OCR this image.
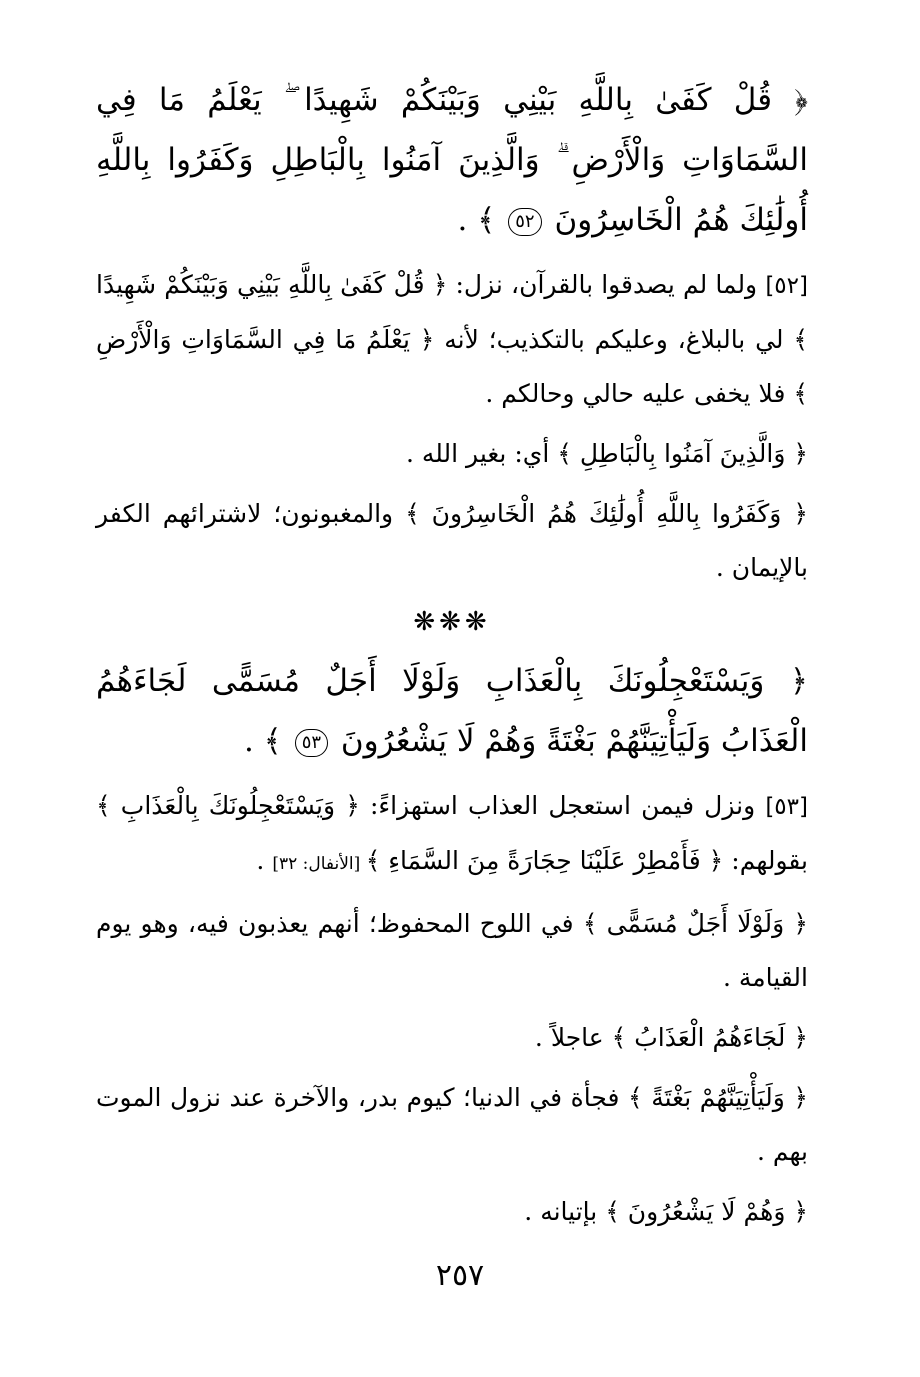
﴿ قُلْ كَفَىٰ بِاللَّهِ بَيْنِي وَبَيْنَكُمْ شَهِيدًا ۖ يَعْلَمُ مَا فِي السَّمَاوَاتِ وَالْأَرْضِ ۗ وَالَّذِينَ آمَنُوا بِالْبَاطِلِ وَكَفَرُوا بِاللَّهِ أُولَٰئِكَ هُمُ الْخَاسِرُونَ ٥٢ ﴾ .
[٥٢] ولما لم يصدقوا بالقرآن، نزل: ﴿ قُلْ كَفَىٰ بِاللَّهِ بَيْنِي وَبَيْنَكُمْ شَهِيدًا ﴾ لي بالبلاغ، وعليكم بالتكذيب؛ لأنه ﴿ يَعْلَمُ مَا فِي السَّمَاوَاتِ وَالْأَرْضِ ﴾ فلا يخفى عليه حالي وحالكم .
﴿ وَالَّذِينَ آمَنُوا بِالْبَاطِلِ ﴾ أي: بغير الله .
﴿ وَكَفَرُوا بِاللَّهِ أُولَٰئِكَ هُمُ الْخَاسِرُونَ ﴾ والمغبونون؛ لاشترائهم الكفر بالإيمان .
❋❋❋
﴿ وَيَسْتَعْجِلُونَكَ بِالْعَذَابِ وَلَوْلَا أَجَلٌ مُسَمًّى لَجَاءَهُمُ الْعَذَابُ وَلَيَأْتِيَنَّهُمْ بَغْتَةً وَهُمْ لَا يَشْعُرُونَ ٥٣ ﴾ .
[٥٣] ونزل فيمن استعجل العذاب استهزاءً: ﴿ وَيَسْتَعْجِلُونَكَ بِالْعَذَابِ ﴾ بقولهم: ﴿ فَأَمْطِرْ عَلَيْنَا حِجَارَةً مِنَ السَّمَاءِ ﴾ [الأنفال: ٣٢] .
﴿ وَلَوْلَا أَجَلٌ مُسَمًّى ﴾ في اللوح المحفوظ؛ أنهم يعذبون فيه، وهو يوم القيامة .
﴿ لَجَاءَهُمُ الْعَذَابُ ﴾ عاجلاً .
﴿ وَلَيَأْتِيَنَّهُمْ بَغْتَةً ﴾ فجأة في الدنيا؛ كيوم بدر، والآخرة عند نزول الموت بهم .
﴿ وَهُمْ لَا يَشْعُرُونَ ﴾ بإتيانه .
٢٥٧
